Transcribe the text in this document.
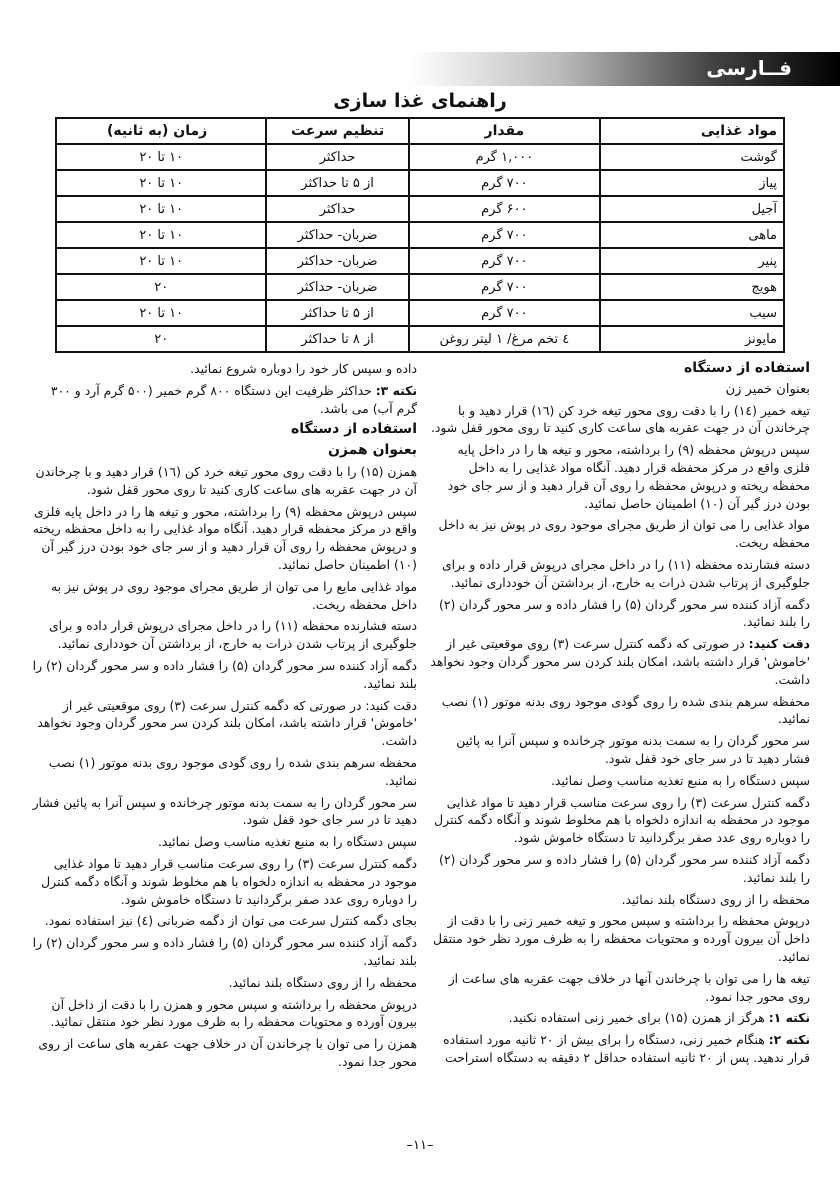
فــارسی
راهنمای غذا سازی
مواد غذایی	مقدار	تنظیم سرعت	زمان (به ثانیه)
گوشت	۱,۰۰۰ گرم	حداکثر	۱۰ تا ۲۰
پیاز	۷۰۰ گرم	از ۵ تا حداکثر	۱۰ تا ۲۰
آجیل	۶۰۰ گرم	حداکثر	۱۰ تا ۲۰
ماهی	۷۰۰ گرم	ضربان- حداکثر	۱۰ تا ۲۰
پنیر	۷۰۰ گرم	ضربان- حداکثر	۱۰ تا ۲۰
هویج	۷۰۰ گرم	ضربان- حداکثر	۲۰
سیب	۷۰۰ گرم	از ۵ تا حداکثر	۱۰ تا ۲۰
مایونز	٤ تخم مرغ/ ۱ لیتر روغن	از ۸ تا حداکثر	۲۰
استفاده از دستگاه
بعنوان خمیر زن

تیغه خمیر (١٤) را با دقت روی محور تیغه خرد کن (١٦) قرار دهید و با چرخاندن آن در جهت عقربه های ساعت کاری کنید تا روی محور قفل شود.

سپس درپوش محفظه (۹) را برداشته، محور و تیغه ها را در داخل پایه فلزی واقع در مرکز محفظه قرار دهید. آنگاه مواد غذایی را به داخل محفظه ریخته و درپوش محفظه را روی آن قرار دهید و از سر جای خود بودن درز گیر آن (۱۰) اطمینان حاصل نمائید.

مواد غذایی را می توان از طریق مجرای موجود روی در پوش نیز به داخل محفظه ریخت.

دسته فشارنده محفظه (۱۱) را در داخل مجرای درپوش قرار داده و برای جلوگیری از پرتاب شدن ذرات به خارج، از برداشتن آن خودداری نمائید.

دگمه آزاد کننده سر محور گردان (۵) را فشار داده و سر محور گردان (۲) را بلند نمائید.

دقت کنید: در صورتی که دگمه کنترل سرعت (۳) روی موقعیتی غیر از 'خاموش' قرار داشته باشد، امکان بلند کردن سر محور گردان وجود نخواهد داشت.

محفظه سرهم بندی شده را روی گودی موجود روی بدنه موتور (۱) نصب نمائید.

سر محور گردان را به سمت بدنه موتور چرخانده و سپس آنرا به پائین فشار دهید تا در سر جای خود قفل شود.

سپس دستگاه را به منبع تغذیه مناسب وصل نمائید.

دگمه کنترل سرعت (۳) را روی سرعت مناسب قرار دهید تا مواد غذایی موجود در محفظه به اندازه دلخواه با هم مخلوط شوند و آنگاه دگمه کنترل را دوباره روی عدد صفر برگردانید تا دستگاه خاموش شود.

دگمه آزاد کننده سر محور گردان (۵) را فشار داده و سر محور گردان (۲) را بلند نمائید.

محفظه را از روی دستگاه بلند نمائید.

درپوش محفظه را برداشته و سپس محور و تیغه خمیر زنی را با دقت از داخل آن بیرون آورده و محتویات محفظه را به ظرف مورد نظر خود منتقل نمائید.

تیغه ها را می توان با چرخاندن آنها در خلاف جهت عقربه های ساعت از روی محور جدا نمود.

نکته ۱: هرگز از همزن (۱۵) برای خمیر زنی استفاده نکنید.

نکته ۲: هنگام خمیر زنی، دستگاه را برای بیش از ۲۰ ثانیه مورد استفاده قرار ندهید. پس از ۲۰ ثانیه استفاده حداقل ۲ دقیقه به دستگاه استراحت

داده و سپس کار خود را دوباره شروع نمائید.

نکته ۳: حداکثر ظرفیت این دستگاه ۸۰۰ گرم خمیر (۵۰۰ گرم آرد و ۳۰۰ گرم آب) می باشد.

استفاده از دستگاه
بعنوان همزن

همزن (۱۵) را با دقت روی محور تیغه خرد کن (١٦) قرار دهید و با چرخاندن آن در جهت عقربه های ساعت کاری کنید تا روی محور قفل شود.

سپس درپوش محفظه (۹) را برداشته، محور و تیغه ها را در داخل پایه فلزی واقع در مرکز محفظه قرار دهید. آنگاه مواد غذایی را به داخل محفظه ریخته و درپوش محفظه را روی آن قرار دهید و از سر جای خود بودن درز گیر آن (۱۰) اطمینان حاصل نمائید.

مواد غذایی مایع را می توان از طریق مجرای موجود روی در پوش نیز به داخل محفظه ریخت.

دسته فشارنده محفظه (۱۱) را در داخل مجرای درپوش قرار داده و برای جلوگیری از پرتاب شدن ذرات به خارج، از برداشتن آن خودداری نمائید.

دگمه آزاد کننده سر محور گردان (۵) را فشار داده و سر محور گردان (۲) را بلند نمائید.

دقت کنید: در صورتی که دگمه کنترل سرعت (۳) روی موقعیتی غیر از 'خاموش' قرار داشته باشد، امکان بلند کردن سر محور گردان وجود نخواهد داشت.

محفظه سرهم بندی شده را روی گودی موجود روی بدنه موتور (۱) نصب نمائید.

سر محور گردان را به سمت بدنه موتور چرخانده و سپس آنرا به پائین فشار دهید تا در سر جای خود قفل شود.

سپس دستگاه را به منبع تغذیه مناسب وصل نمائید.

دگمه کنترل سرعت (۳) را روی سرعت مناسب قرار دهید تا مواد غذایی موجود در محفظه به اندازه دلخواه با هم مخلوط شوند و آنگاه دگمه کنترل را دوباره روی عدد صفر برگردانید تا دستگاه خاموش شود.

بجای دگمه کنترل سرعت می توان از دگمه ضربانی (٤) نیز استفاده نمود.

دگمه آزاد کننده سر محور گردان (۵) را فشار داده و سر محور گردان (۲) را بلند نمائید.

محفظه را از روی دستگاه بلند نمائید.

درپوش محفظه را برداشته و سپس محور و همزن را با دقت از داخل آن بیرون آورده و محتویات محفظه را به ظرف مورد نظر خود منتقل نمائید.

همزن را می توان با چرخاندن آن در خلاف جهت عقربه های ساعت از روی محور جدا نمود.

–۱۱–
